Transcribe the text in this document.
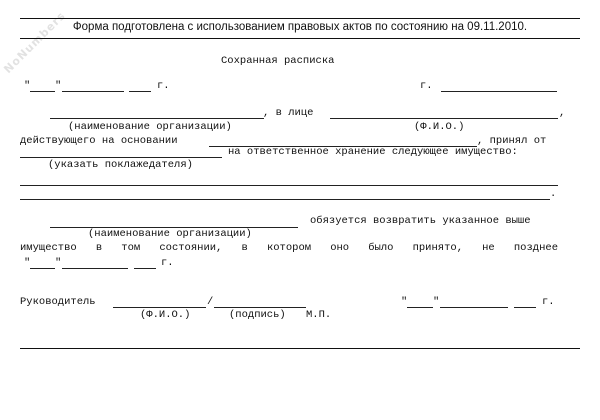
NoNumbers Форма подготовлена с использованием правовых актов по состоянию на 09.11.2010.
Сохранная расписка
" "	г.	г.
, в лице	,
(наименование организации)	(Ф.И.О.)
действующего на основании	, принял от
на ответственное хранение следующее имущество:
(указать поклажедателя)
.
обязуется возвратить указанное выше
(наименование организации)
имущество в том состоянии, в котором оно было принято, не позднее
" "	г.
Руководитель	/
(Ф.И.О.)	(подпись) М.П.
" "	г.
